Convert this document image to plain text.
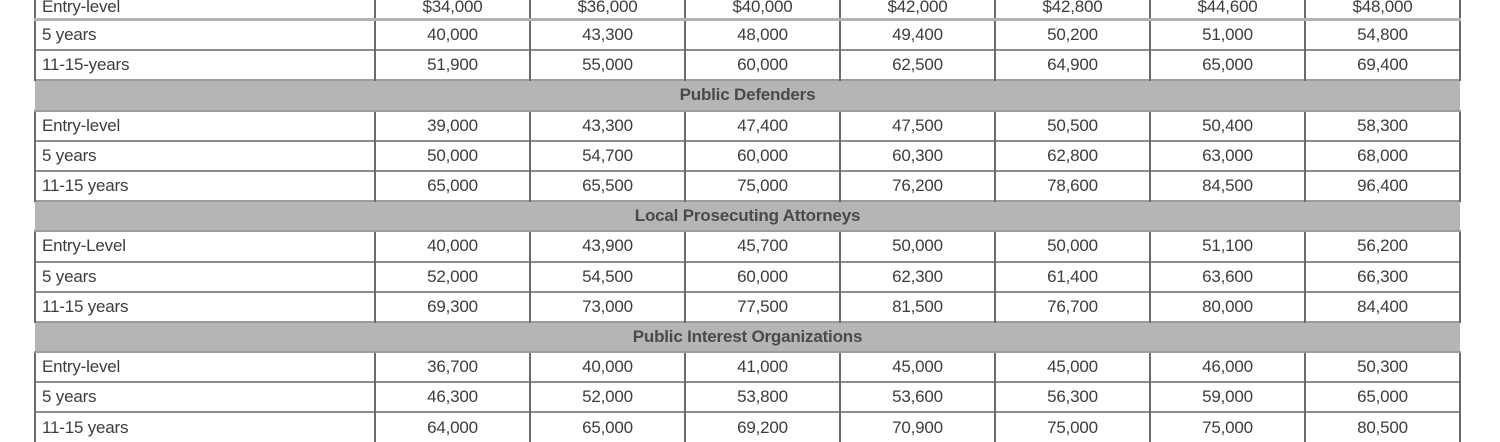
Entry-level	$34,000	$36,000	$40,000	$42,000	$42,800	$44,600	$48,000
5 years	40,000	43,300	48,000	49,400	50,200	51,000	54,800
11-15-years	51,900	55,000	60,000	62,500	64,900	65,000	69,400
Public Defenders							
Entry-level	39,000	43,300	47,400	47,500	50,500	50,400	58,300
5 years	50,000	54,700	60,000	60,300	62,800	63,000	68,000
11-15 years	65,000	65,500	75,000	76,200	78,600	84,500	96,400
Local Prosecuting Attorneys							
Entry-Level	40,000	43,900	45,700	50,000	50,000	51,100	56,200
5 years	52,000	54,500	60,000	62,300	61,400	63,600	66,300
11-15 years	69,300	73,000	77,500	81,500	76,700	80,000	84,400
Public Interest Organizations							
Entry-level	36,700	40,000	41,000	45,000	45,000	46,000	50,300
5 years	46,300	52,000	53,800	53,600	56,300	59,000	65,000
11-15 years	64,000	65,000	69,200	70,900	75,000	75,000	80,500
